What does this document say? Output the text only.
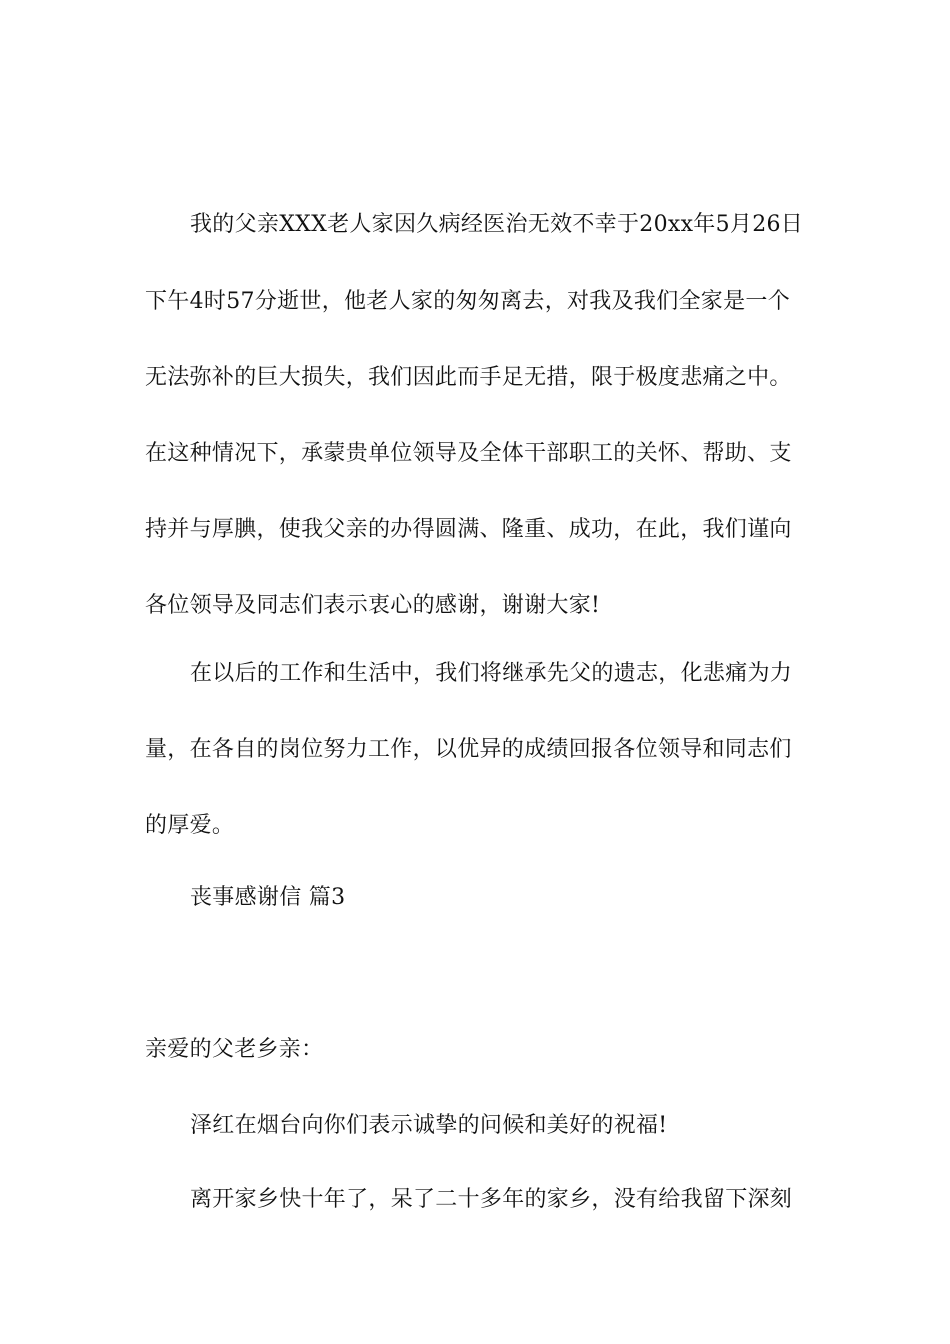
我的父亲XXX老人家因久病经医治无效不幸于20xx年5月26日
下午4时57分逝世，他老人家的匆匆离去，对我及我们全家是一个
无法弥补的巨大损失，我们因此而手足无措，限于极度悲痛之中。
在这种情况下，承蒙贵单位领导及全体干部职工的关怀、帮助、支
持并与厚腆，使我父亲的办得圆满、隆重、成功，在此，我们谨向
各位领导及同志们表示衷心的感谢，谢谢大家!
在以后的工作和生活中，我们将继承先父的遗志，化悲痛为力
量，在各自的岗位努力工作，以优异的成绩回报各位领导和同志们
的厚爱。
丧事感谢信 篇3
亲爱的父老乡亲：
泽红在烟台向你们表示诚挚的问候和美好的祝福!
离开家乡快十年了，呆了二十多年的家乡，没有给我留下深刻
